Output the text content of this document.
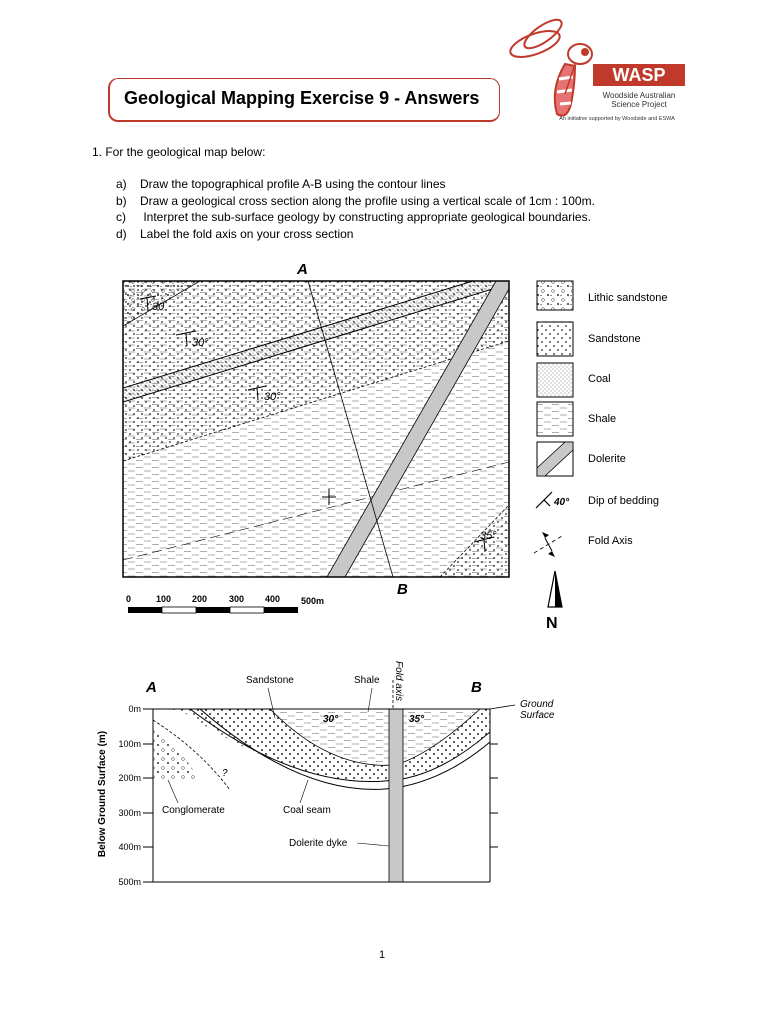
WASP
Woodside Australian
Science Project
An initiative supported by Woodside and ESWA
Geological Mapping Exercise 9 - Answers
1. For the geological map below:
a) Draw the topographical profile A-B using the contour lines
b) Draw a geological cross section along the profile using a vertical scale of 1cm : 100m.
c) Interpret the sub-surface geology by constructing appropriate geological boundaries.
d) Label the fold axis on your cross section
30
30°
30°
35°
A
B
0	100 200 300 400 500m
N
Lithic sandstone
Sandstone
Coal
Shale
Dolerite
40° Dip of bedding
Fold Axis
0m
100m
200m
300m
400m
500m
Below Ground Surface (m)
A	B
Fold axis
Ground
Surface
Sandstone	Shale
30°	35°
?
Conglomerate	Coal seam
Dolerite dyke
1
